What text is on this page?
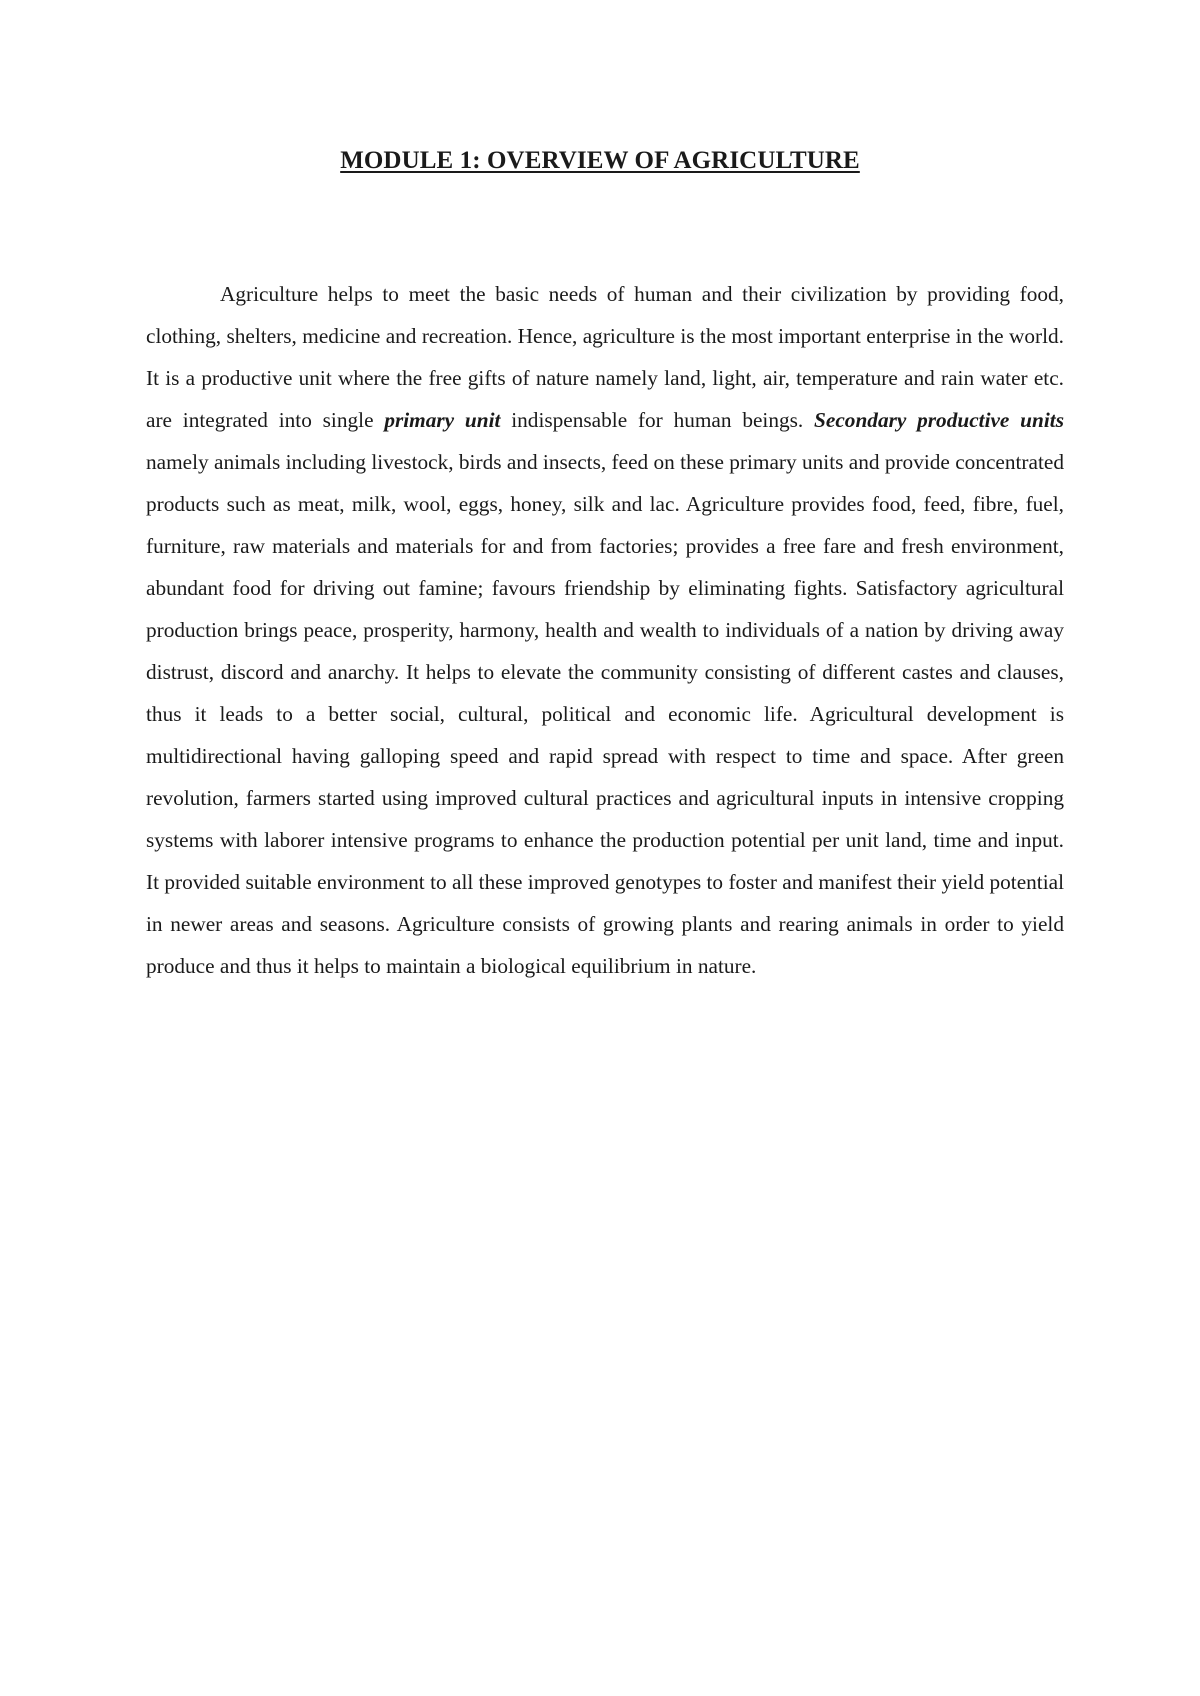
MODULE 1: OVERVIEW OF AGRICULTURE

Agriculture helps to meet the basic needs of human and their civilization by providing food, clothing, shelters, medicine and recreation. Hence, agriculture is the most important enterprise in the world. It is a productive unit where the free gifts of nature namely land, light, air, temperature and rain water etc. are integrated into single primary unit indispensable for human beings. Secondary productive units namely animals including livestock, birds and insects, feed on these primary units and provide concentrated products such as meat, milk, wool, eggs, honey, silk and lac. Agriculture provides food, feed, fibre, fuel, furniture, raw materials and materials for and from factories; provides a free fare and fresh environment, abundant food for driving out famine; favours friendship by eliminating fights. Satisfactory agricultural production brings peace, prosperity, harmony, health and wealth to individuals of a nation by driving away distrust, discord and anarchy. It helps to elevate the community consisting of different castes and clauses, thus it leads to a better social, cultural, political and economic life. Agricultural development is multidirectional having galloping speed and rapid spread with respect to time and space. After green revolution, farmers started using improved cultural practices and agricultural inputs in intensive cropping systems with laborer intensive programs to enhance the production potential per unit land, time and input. It provided suitable environment to all these improved genotypes to foster and manifest their yield potential in newer areas and seasons. Agriculture consists of growing plants and rearing animals in order to yield produce and thus it helps to maintain a biological equilibrium in nature.
